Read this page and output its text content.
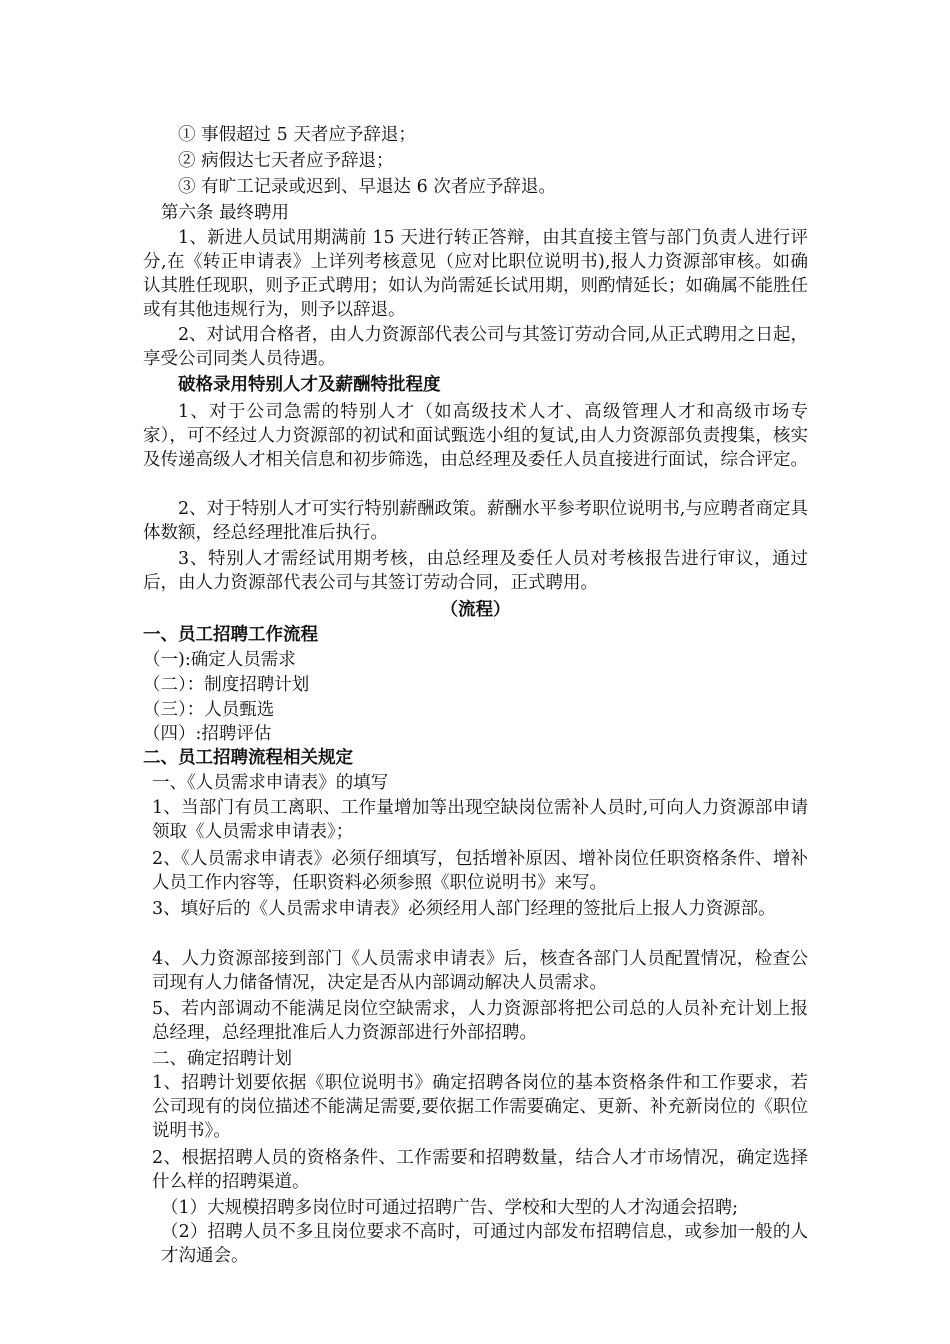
① 事假超过 5 天者应予辞退；

② 病假达七天者应予辞退；

③ 有旷工记录或迟到、早退达 6 次者应予辞退。

第六条 最终聘用

1、新进人员试用期满前 15 天进行转正答辩，由其直接主管与部门负责人进行评分,在《转正申请表》上详列考核意见（应对比职位说明书),报人力资源部审核。如确认其胜任现职，则予正式聘用；如认为尚需延长试用期，则酌情延长；如确属不能胜任或有其他违规行为，则予以辞退。

2、对试用合格者，由人力资源部代表公司与其签订劳动合同,从正式聘用之日起，享受公司同类人员待遇。

破格录用特别人才及薪酬特批程度

1、对于公司急需的特别人才（如高级技术人才、高级管理人才和高级市场专家），可不经过人力资源部的初试和面试甄选小组的复试,由人力资源部负责搜集，核实及传递高级人才相关信息和初步筛选，由总经理及委任人员直接进行面试，综合评定。

2、对于特别人才可实行特别薪酬政策。薪酬水平参考职位说明书,与应聘者商定具体数额，经总经理批准后执行。

3、特别人才需经试用期考核，由总经理及委任人员对考核报告进行审议，通过后，由人力资源部代表公司与其签订劳动合同，正式聘用。

（流程）

一、员工招聘工作流程

（一):确定人员需求

（二）：制度招聘计划

（三）：人员甄选

（四）:招聘评估

二、员工招聘流程相关规定

一、《人员需求申请表》的填写

1、当部门有员工离职、工作量增加等出现空缺岗位需补人员时,可向人力资源部申请领取《人员需求申请表》；

2、《人员需求申请表》必须仔细填写，包括增补原因、增补岗位任职资格条件、增补人员工作内容等，任职资料必须参照《职位说明书》来写。

3、填好后的《人员需求申请表》必须经用人部门经理的签批后上报人力资源部。

4、人力资源部接到部门《人员需求申请表》后，核查各部门人员配置情况，检查公司现有人力储备情况，决定是否从内部调动解决人员需求。

5、若内部调动不能满足岗位空缺需求，人力资源部将把公司总的人员补充计划上报总经理，总经理批准后人力资源部进行外部招聘。

二、确定招聘计划

1、招聘计划要依据《职位说明书》确定招聘各岗位的基本资格条件和工作要求，若公司现有的岗位描述不能满足需要,要依据工作需要确定、更新、补充新岗位的《职位说明书》。

2、根据招聘人员的资格条件、工作需要和招聘数量，结合人才市场情况，确定选择什么样的招聘渠道。

（1）大规模招聘多岗位时可通过招聘广告、学校和大型的人才沟通会招聘;

（2）招聘人员不多且岗位要求不高时，可通过内部发布招聘信息，或参加一般的人才沟通会。
